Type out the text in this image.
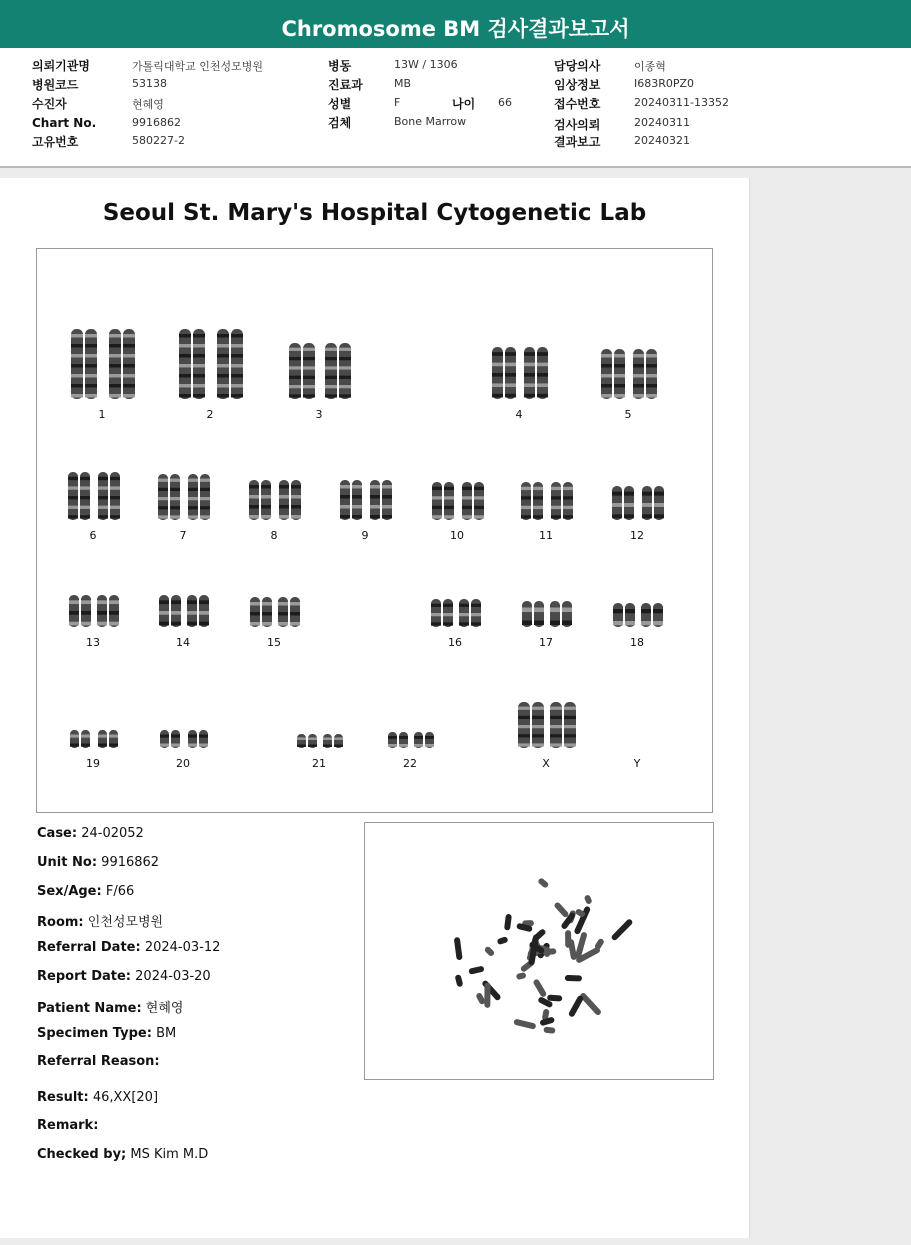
Chromosome BM 검사결과보고서
의뢰기관명	가톨릭대학교 인천성모병원
병원코드	53138
수진자	현혜영
Chart No.	9916862
고유번호	580227-2
병동	13W / 1306
진료과	MB
성별	F	나이 66
검체	Bone Marrow
담당의사	이종혁
임상정보	I683R0PZ0
접수번호	20240311-13352
검사의뢰	20240311
결과보고	20240321
Seoul St. Mary's Hospital Cytogenetic Lab
1	2	3	4	5
6	7	8	9	10	11	12
13	14	15	16	17	18
19	20	21	22	X	Y
Case: 24-02052
Unit No: 9916862
Sex/Age: F/66
Room: 인천성모병원
Referral Date: 2024-03-12
Report Date: 2024-03-20
Patient Name: 현혜영
Specimen Type: BM
Referral Reason:
Result: 46,XX[20]
Remark:
Checked by; MS Kim M.D
